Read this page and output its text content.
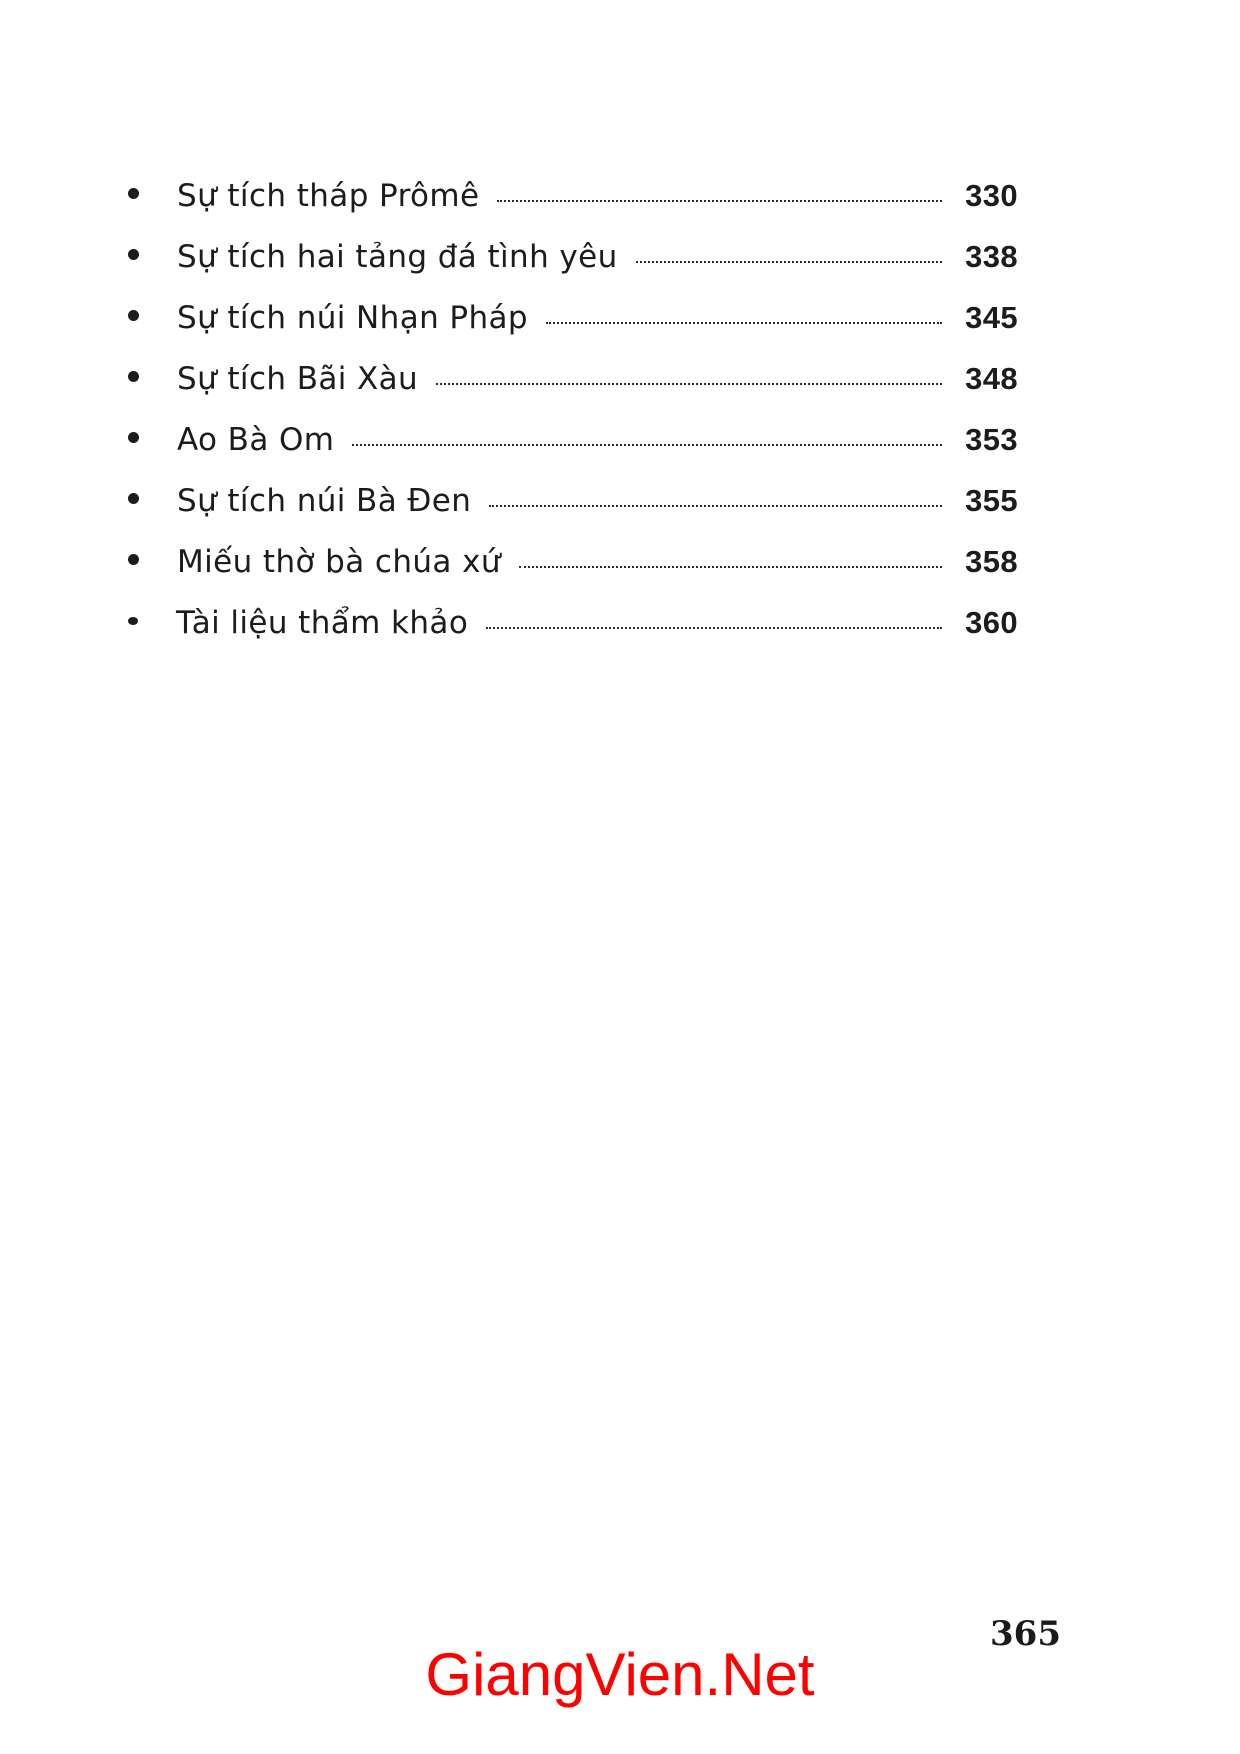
Sự tích tháp Prômê	330
Sự tích hai tảng đá tình yêu	338
Sự tích núi Nhạn Pháp	345
Sự tích Bãi Xàu	348
Ao Bà Om	353
Sự tích núi Bà Đen	355
Miếu thờ bà chúa xứ	358
Tài liệu thẩm khảo	360
365
GiangVien.Net
